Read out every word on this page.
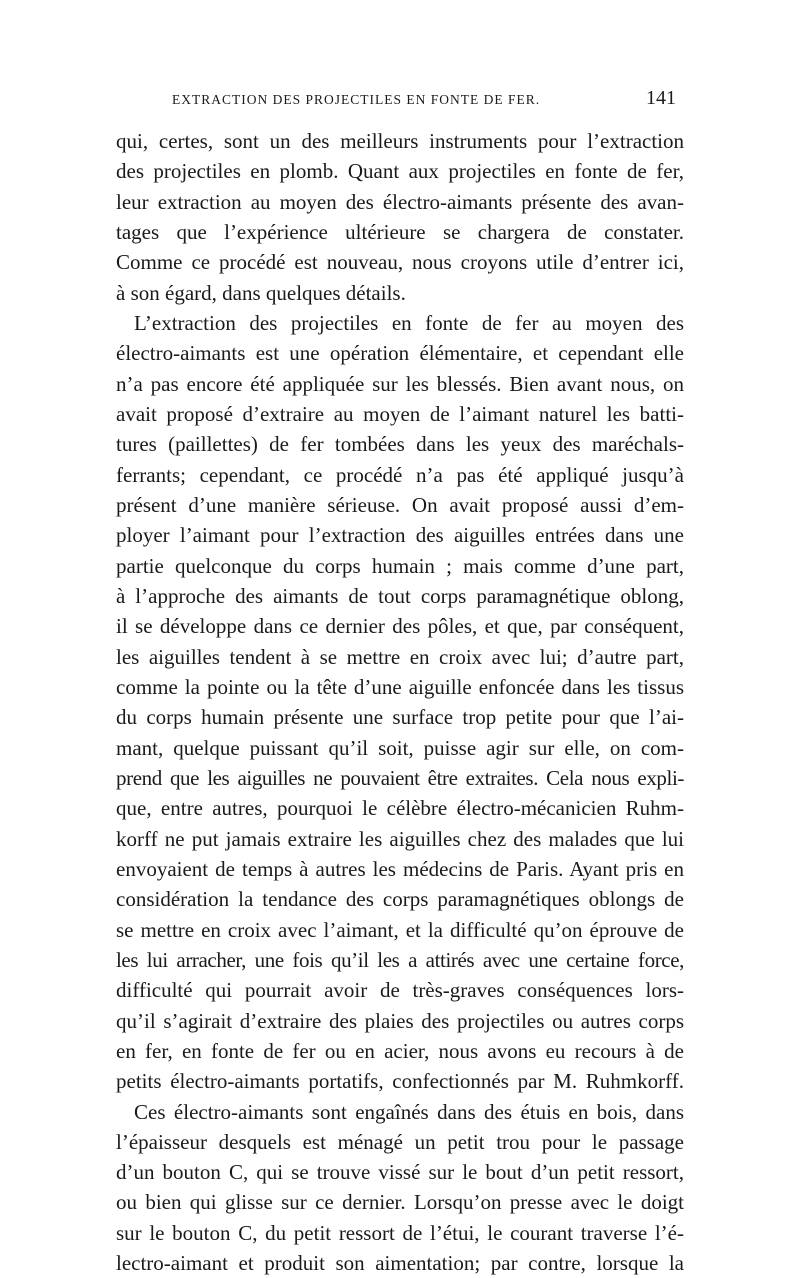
EXTRACTION DES PROJECTILES EN FONTE DE FER.	141
qui, certes, sont un des meilleurs instruments pour l’extraction
des projectiles en plomb. Quant aux projectiles en fonte de fer,
leur extraction au moyen des électro-aimants présente des avan-
tages que l’expérience ultérieure se chargera de constater.
Comme ce procédé est nouveau, nous croyons utile d’entrer ici,
à son égard, dans quelques détails.
L’extraction des projectiles en fonte de fer au moyen des
électro-aimants est une opération élémentaire, et cependant elle
n’a pas encore été appliquée sur les blessés. Bien avant nous, on
avait proposé d’extraire au moyen de l’aimant naturel les batti-
tures (paillettes) de fer tombées dans les yeux des maréchals-
ferrants; cependant, ce procédé n’a pas été appliqué jusqu’à
présent d’une manière sérieuse. On avait proposé aussi d’em-
ployer l’aimant pour l’extraction des aiguilles entrées dans une
partie quelconque du corps humain ; mais comme d’une part,
à l’approche des aimants de tout corps paramagnétique oblong,
il se développe dans ce dernier des pôles, et que, par conséquent,
les aiguilles tendent à se mettre en croix avec lui; d’autre part,
comme la pointe ou la tête d’une aiguille enfoncée dans les tissus
du corps humain présente une surface trop petite pour que l’ai-
mant, quelque puissant qu’il soit, puisse agir sur elle, on com-
prend que les aiguilles ne pouvaient être extraites. Cela nous expli-
que, entre autres, pourquoi le célèbre électro-mécanicien Ruhm-
korff ne put jamais extraire les aiguilles chez des malades que lui
envoyaient de temps à autres les médecins de Paris. Ayant pris en
considération la tendance des corps paramagnétiques oblongs de
se mettre en croix avec l’aimant, et la difficulté qu’on éprouve de
les lui arracher, une fois qu’il les a attirés avec une certaine force,
difficulté qui pourrait avoir de très-graves conséquences lors-
qu’il s’agirait d’extraire des plaies des projectiles ou autres corps
en fer, en fonte de fer ou en acier, nous avons eu recours à de
petits électro-aimants portatifs, confectionnés par M. Ruhmkorff.
Ces électro-aimants sont engaînés dans des étuis en bois, dans
l’épaisseur desquels est ménagé un petit trou pour le passage
d’un bouton C, qui se trouve vissé sur le bout d’un petit ressort,
ou bien qui glisse sur ce dernier. Lorsqu’on presse avec le doigt
sur le bouton C, du petit ressort de l’étui, le courant traverse l’é-
lectro-aimant et produit son aimentation; par contre, lorsque la
